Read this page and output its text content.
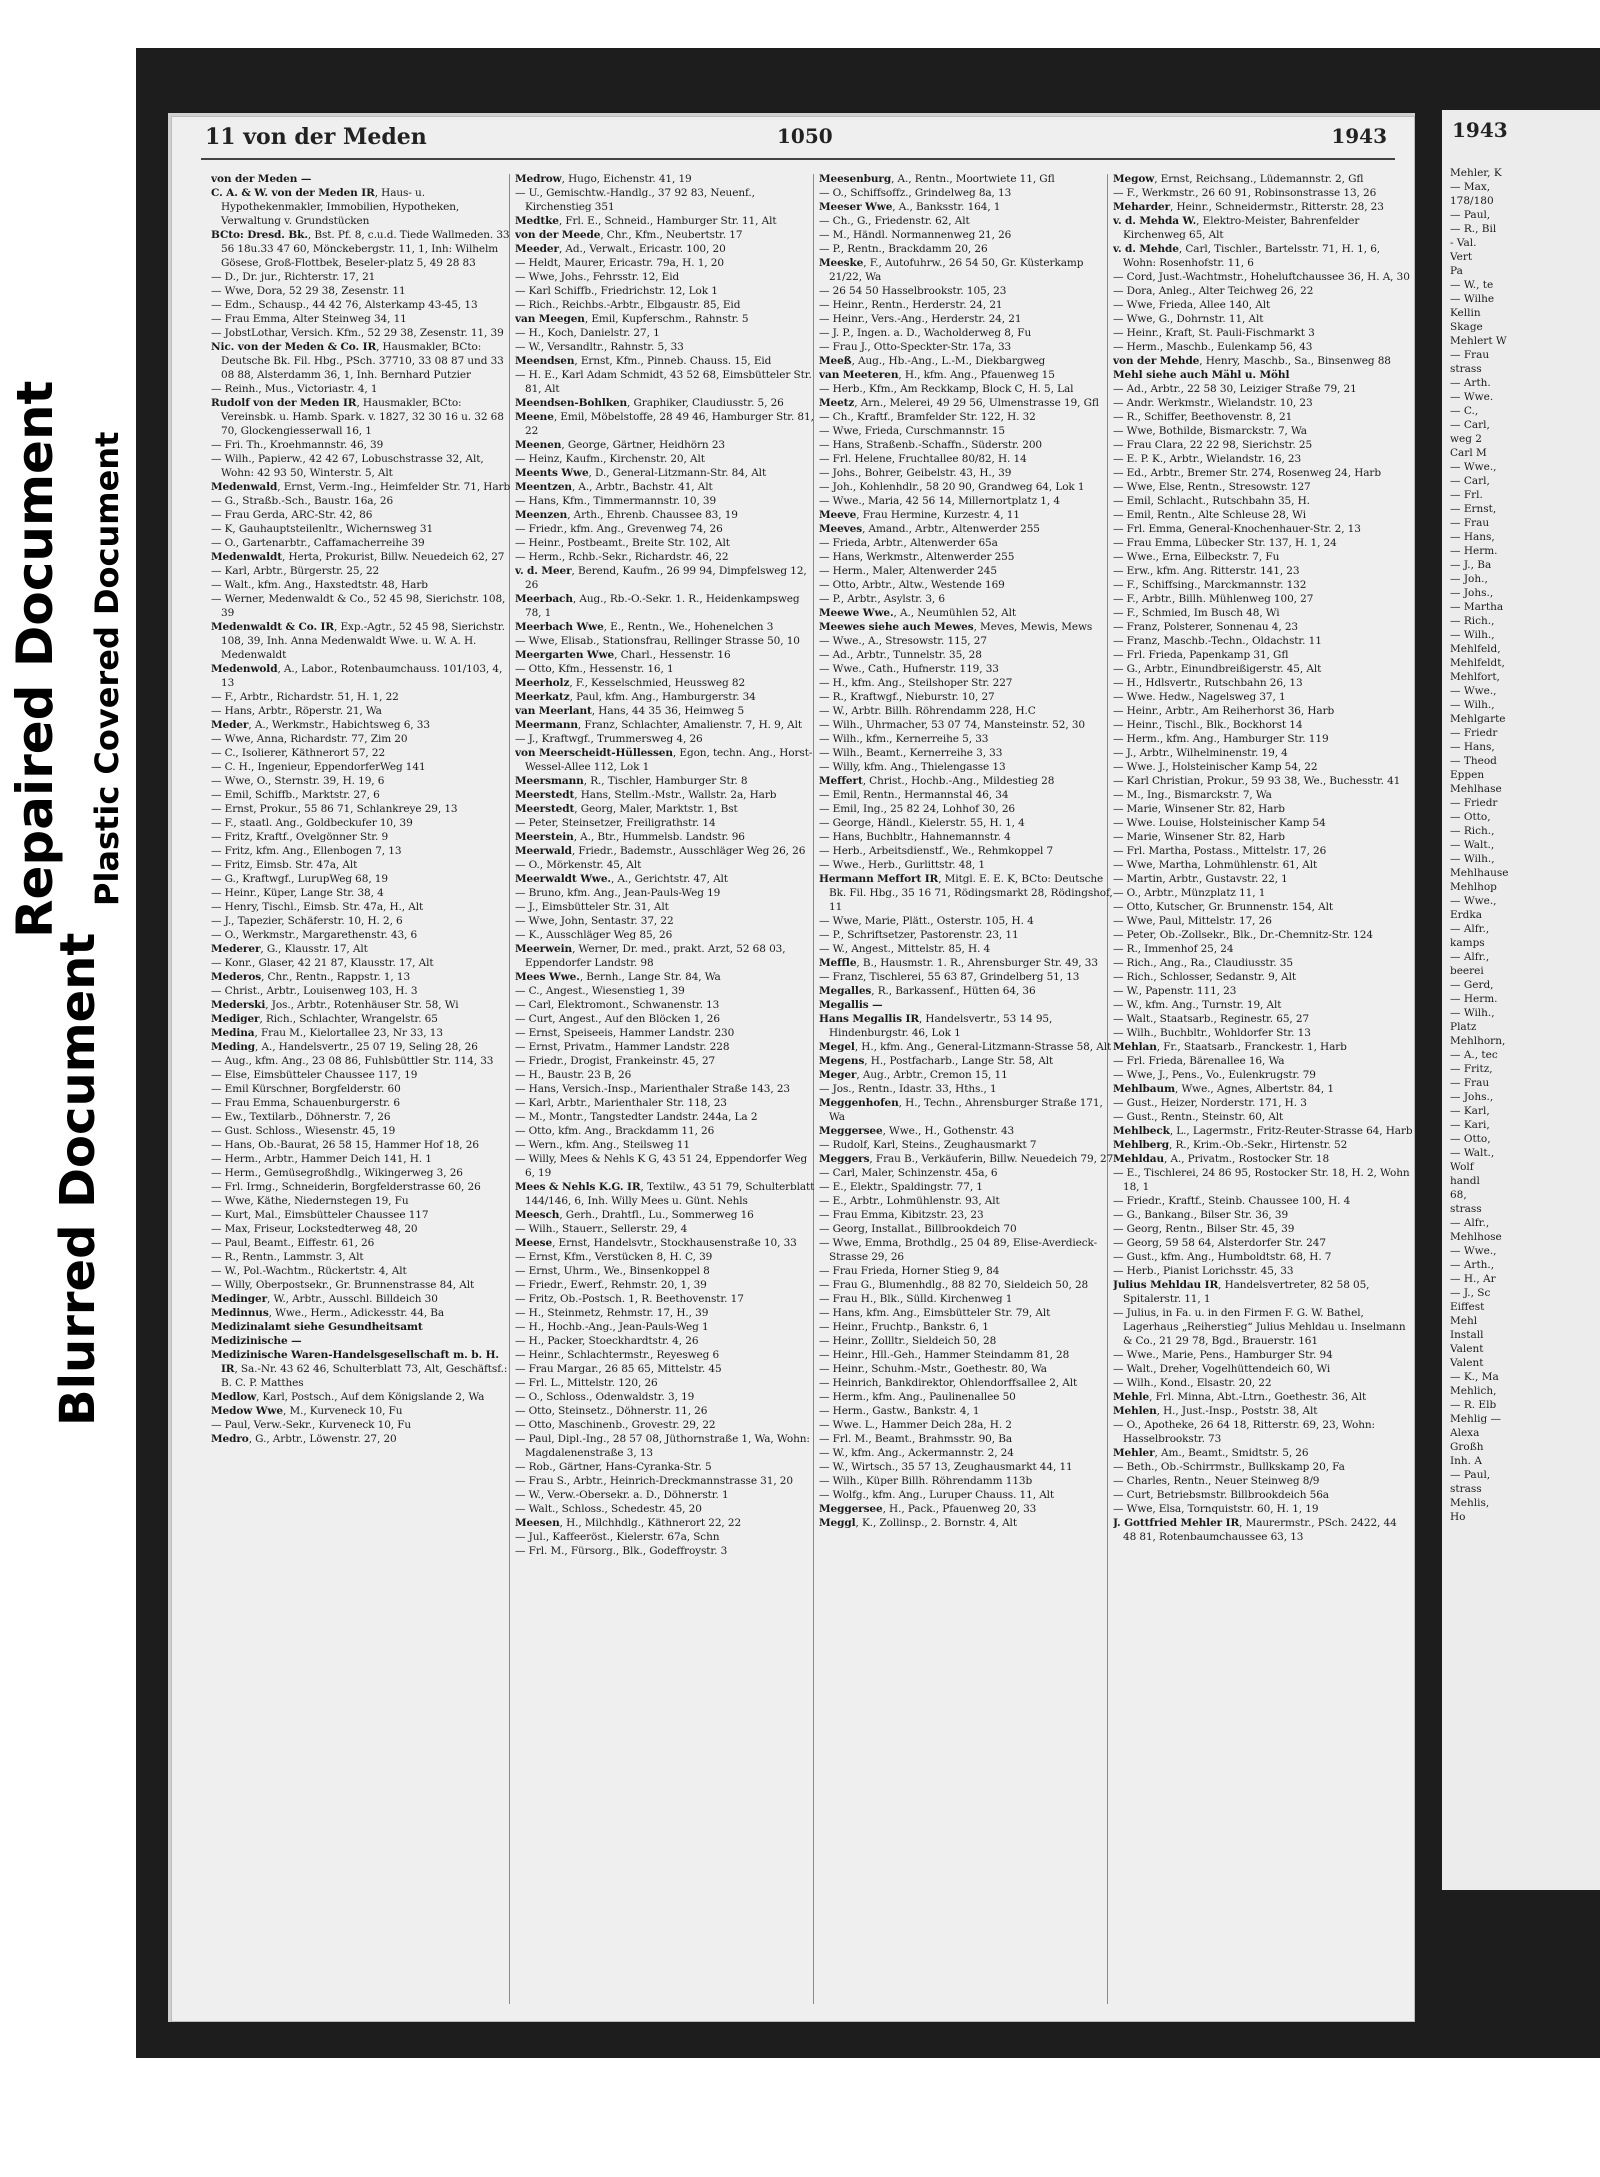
Repaired Document Plastic Covered Document
Blurred Document
11 von der Meden	1050	1943

von der Meden —

C. A. & W. von der Meden IR, Haus- u. Hypothekenmakler, Immobilien, Hypotheken, Verwaltung v. Grundstücken

BCto: Dresd. Bk., Bst. Pf. 8, c.u.d. Tiede Wallmeden. 33 56 18u.33 47 60, Mönckebergstr. 11, 1, Inh: Wilhelm Gösese, Groß-Flottbek, Beseler-platz 5, 49 28 83

— D., Dr. jur., Richterstr. 17, 21

— Wwe, Dora, 52 29 38, Zesenstr. 11

— Edm., Schausp., 44 42 76, Alsterkamp 43-45, 13

— Frau Emma, Alter Steinweg 34, 11

— JobstLothar, Versich. Kfm., 52 29 38, Zesenstr. 11, 39

Nic. von der Meden & Co. IR, Hausmakler, BCto: Deutsche Bk. Fil. Hbg., PSch. 37710, 33 08 87 und 33 08 88, Alsterdamm 36, 1, Inh. Bernhard Putzier

— Reinh., Mus., Victoriastr. 4, 1

Rudolf von der Meden IR, Hausmakler, BCto: Vereinsbk. u. Hamb. Spark. v. 1827, 32 30 16 u. 32 68 70, Glockengiesserwall 16, 1

— Fri. Th., Kroehmannstr. 46, 39

— Wilh., Papierw., 42 42 67, Lobuschstrasse 32, Alt, Wohn: 42 93 50, Winterstr. 5, Alt

Medenwald, Ernst, Verm.-Ing., Heimfelder Str. 71, Harb

— G., Straßb.-Sch., Baustr. 16a, 26

— Frau Gerda, ARC-Str. 42, 86

— K, Gauhauptsteilenltr., Wichernsweg 31

— O., Gartenarbtr., Caffamacherreihe 39

Medenwaldt, Herta, Prokurist, Billw. Neuedeich 62, 27

— Karl, Arbtr., Bürgerstr. 25, 22

— Walt., kfm. Ang., Haxstedtstr. 48, Harb

— Werner, Medenwaldt & Co., 52 45 98, Sierichstr. 108, 39

Medenwaldt & Co. IR, Exp.-Agtr., 52 45 98, Sierichstr. 108, 39, Inh. Anna Medenwaldt Wwe. u. W. A. H. Medenwaldt

Medenwold, A., Labor., Rotenbaumchauss. 101/103, 4, 13

— F., Arbtr., Richardstr. 51, H. 1, 22

— Hans, Arbtr., Röperstr. 21, Wa

Meder, A., Werkmstr., Habichtsweg 6, 33

— Wwe, Anna, Richardstr. 77, Zim 20

— C., Isolierer, Käthnerort 57, 22

— C. H., Ingenieur, EppendorferWeg 141

— Wwe, O., Sternstr. 39, H. 19, 6

— Emil, Schiffb., Marktstr. 27, 6

— Ernst, Prokur., 55 86 71, Schlankreye 29, 13

— F., staatl. Ang., Goldbeckufer 10, 39

— Fritz, Kraftf., Ovelgönner Str. 9

— Fritz, kfm. Ang., Ellenbogen 7, 13

— Fritz, Eimsb. Str. 47a, Alt

— G., Kraftwgf., LurupWeg 68, 19

— Heinr., Küper, Lange Str. 38, 4

— Henry, Tischl., Eimsb. Str. 47a, H., Alt

— J., Tapezier, Schäferstr. 10, H. 2, 6

— O., Werkmstr., Margarethenstr. 43, 6

Mederer, G., Klausstr. 17, Alt

— Konr., Glaser, 42 21 87, Klausstr. 17, Alt

Mederos, Chr., Rentn., Rappstr. 1, 13

— Christ., Arbtr., Louisenweg 103, H. 3

Mederski, Jos., Arbtr., Rotenhäuser Str. 58, Wi

Mediger, Rich., Schlachter, Wrangelstr. 65

Medina, Frau M., Kielortallee 23, Nr 33, 13

Meding, A., Handelsvertr., 25 07 19, Seling 28, 26

— Aug., kfm. Ang., 23 08 86, Fuhlsbüttler Str. 114, 33

— Else, Eimsbütteler Chaussee 117, 19

— Emil Kürschner, Borgfelderstr. 60

— Frau Emma, Schauenburgerstr. 6

— Ew., Textilarb., Döhnerstr. 7, 26

— Gust. Schloss., Wiesenstr. 45, 19

— Hans, Ob.-Baurat, 26 58 15, Hammer Hof 18, 26

— Herm., Arbtr., Hammer Deich 141, H. 1

— Herm., Gemüsegroßhdlg., Wikingerweg 3, 26

— Frl. Irmg., Schneiderin, Borgfelderstrasse 60, 26

— Wwe, Käthe, Niedernstegen 19, Fu

— Kurt, Mal., Eimsbütteler Chaussee 117

— Max, Friseur, Lockstedterweg 48, 20

— Paul, Beamt., Eiffestr. 61, 26

— R., Rentn., Lammstr. 3, Alt

— W., Pol.-Wachtm., Rückertstr. 4, Alt

— Willy, Oberpostsekr., Gr. Brunnenstrasse 84, Alt

Medinger, W., Arbtr., Ausschl. Billdeich 30

Medinnus, Wwe., Herm., Adickesstr. 44, Ba

Medizinalamt siehe Gesundheitsamt

Medizinische —

Medizinische Waren-Handelsgesellschaft m. b. H. IR, Sa.-Nr. 43 62 46, Schulterblatt 73, Alt, Geschäftsf.: B. C. P. Matthes

Medlow, Karl, Postsch., Auf dem Königslande 2, Wa

Medow Wwe, M., Kurveneck 10, Fu

— Paul, Verw.-Sekr., Kurveneck 10, Fu

Medro, G., Arbtr., Löwenstr. 27, 20

Medrow, Hugo, Eichenstr. 41, 19

— U., Gemischtw.-Handlg., 37 92 83, Neuenf., Kirchenstieg 351

Medtke, Frl. E., Schneid., Hamburger Str. 11, Alt

von der Meede, Chr., Kfm., Neubertstr. 17

Meeder, Ad., Verwalt., Ericastr. 100, 20

— Heldt, Maurer, Ericastr. 79a, H. 1, 20

— Wwe, Johs., Fehrsstr. 12, Eid

— Karl Schiffb., Friedrichstr. 12, Lok 1

— Rich., Reichbs.-Arbtr., Elbgaustr. 85, Eid

van Meegen, Emil, Kupferschm., Rahnstr. 5

— H., Koch, Danielstr. 27, 1

— W., Versandltr., Rahnstr. 5, 33

Meendsen, Ernst, Kfm., Pinneb. Chauss. 15, Eid

— H. E., Karl Adam Schmidt, 43 52 68, Eimsbütteler Str. 81, Alt

Meendsen-Bohlken, Graphiker, Claudiusstr. 5, 26

Meene, Emil, Möbelstoffe, 28 49 46, Hamburger Str. 81, 22

Meenen, George, Gärtner, Heidhörn 23

— Heinz, Kaufm., Kirchenstr. 20, Alt

Meents Wwe, D., General-Litzmann-Str. 84, Alt

Meentzen, A., Arbtr., Bachstr. 41, Alt

— Hans, Kfm., Timmermannstr. 10, 39

Meenzen, Arth., Ehrenb. Chaussee 83, 19

— Friedr., kfm. Ang., Grevenweg 74, 26

— Heinr., Postbeamt., Breite Str. 102, Alt

— Herm., Rchb.-Sekr., Richardstr. 46, 22

v. d. Meer, Berend, Kaufm., 26 99 94, Dimpfelsweg 12, 26

Meerbach, Aug., Rb.-O.-Sekr. 1. R., Heidenkampsweg 78, 1

Meerbach Wwe, E., Rentn., We., Hohenelchen 3

— Wwe, Elisab., Stationsfrau, Rellinger Strasse 50, 10

Meergarten Wwe, Charl., Hessenstr. 16

— Otto, Kfm., Hessenstr. 16, 1

Meerholz, F., Kesselschmied, Heussweg 82

Meerkatz, Paul, kfm. Ang., Hamburgerstr. 34

van Meerlant, Hans, 44 35 36, Heimweg 5

Meermann, Franz, Schlachter, Amalienstr. 7, H. 9, Alt

— J., Kraftwgf., Trummersweg 4, 26

von Meerscheidt-Hüllessen, Egon, techn. Ang., Horst-Wessel-Allee 112, Lok 1

Meersmann, R., Tischler, Hamburger Str. 8

Meerstedt, Hans, Stellm.-Mstr., Wallstr. 2a, Harb

Meerstedt, Georg, Maler, Marktstr. 1, Bst

— Peter, Steinsetzer, Freiligrathstr. 14

Meerstein, A., Btr., Hummelsb. Landstr. 96

Meerwald, Friedr., Bademstr., Ausschläger Weg 26, 26

— O., Mörkenstr. 45, Alt

Meerwaldt Wwe., A., Gerichtstr. 47, Alt

— Bruno, kfm. Ang., Jean-Pauls-Weg 19

— J., Eimsbütteler Str. 31, Alt

— Wwe, John, Sentastr. 37, 22

— K., Ausschläger Weg 85, 26

Meerwein, Werner, Dr. med., prakt. Arzt, 52 68 03, Eppendorfer Landstr. 98

Mees Wwe., Bernh., Lange Str. 84, Wa

— C., Angest., Wiesenstieg 1, 39

— Carl, Elektromont., Schwanenstr. 13

— Curt, Angest., Auf den Blöcken 1, 26

— Ernst, Speiseeis, Hammer Landstr. 230

— Ernst, Privatm., Hammer Landstr. 228

— Friedr., Drogist, Frankeinstr. 45, 27

— H., Baustr. 23 B, 26

— Hans, Versich.-Insp., Marienthaler Straße 143, 23

— Karl, Arbtr., Marienthaler Str. 118, 23

— M., Montr., Tangstedter Landstr. 244a, La 2

— Otto, kfm. Ang., Brackdamm 11, 26

— Wern., kfm. Ang., Steilsweg 11

— Willy, Mees & Nehls K G, 43 51 24, Eppendorfer Weg 6, 19

Mees & Nehls K.G. IR, Textilw., 43 51 79, Schulterblatt 144/146, 6, Inh. Willy Mees u. Günt. Nehls

Meesch, Gerh., Drahtfl., Lu., Sommerweg 16

— Wilh., Stauerr., Sellerstr. 29, 4

Meese, Ernst, Handelsvtr., Stockhausenstraße 10, 33

— Ernst, Kfm., Verstücken 8, H. C, 39

— Ernst, Uhrm., We., Binsenkoppel 8

— Friedr., Ewerf., Rehmstr. 20, 1, 39

— Fritz, Ob.-Postsch. 1, R. Beethovenstr. 17

— H., Steinmetz, Rehmstr. 17, H., 39

— H., Hochb.-Ang., Jean-Pauls-Weg 1

— H., Packer, Stoeckhardtstr. 4, 26

— Heinr., Schlachtermstr., Reyesweg 6

— Frau Margar., 26 85 65, Mittelstr. 45

— Frl. L., Mittelstr. 120, 26

— O., Schloss., Odenwaldstr. 3, 19

— Otto, Steinsetz., Döhnerstr. 11, 26

— Otto, Maschinenb., Grovestr. 29, 22

— Paul, Dipl.-Ing., 28 57 08, Jüthornstraße 1, Wa, Wohn: Magdalenenstraße 3, 13

— Rob., Gärtner, Hans-Cyranka-Str. 5

— Frau S., Arbtr., Heinrich-Dreckmannstrasse 31, 20

— W., Verw.-Obersekr. a. D., Döhnerstr. 1

— Walt., Schloss., Schedestr. 45, 20

Meesen, H., Milchhdlg., Käthnerort 22, 22

— Jul., Kaffeeröst., Kielerstr. 67a, Schn

— Frl. M., Fürsorg., Blk., Godeffroystr. 3

Meesenburg, A., Rentn., Moortwiete 11, Gfl

— O., Schiffsoffz., Grindelweg 8a, 13

Meeser Wwe, A., Banksstr. 164, 1

— Ch., G., Friedenstr. 62, Alt

— M., Händl. Normannenweg 21, 26

— P., Rentn., Brackdamm 20, 26

Meeske, F., Autofuhrw., 26 54 50, Gr. Küsterkamp 21/22, Wa

— 26 54 50 Hasselbrookstr. 105, 23

— Heinr., Rentn., Herderstr. 24, 21

— Heinr., Vers.-Ang., Herderstr. 24, 21

— J. P., Ingen. a. D., Wacholderweg 8, Fu

— Frau J., Otto-Speckter-Str. 17a, 33

Meeß, Aug., Hb.-Ang., L.-M., Diekbargweg

van Meeteren, H., kfm. Ang., Pfauenweg 15

— Herb., Kfm., Am Reckkamp, Block C, H. 5, Lal

Meetz, Arn., Melerei, 49 29 56, Ulmenstrasse 19, Gfl

— Ch., Kraftf., Bramfelder Str. 122, H. 32

— Wwe, Frieda, Curschmannstr. 15

— Hans, Straßenb.-Schaffn., Süderstr. 200

— Frl. Helene, Fruchtallee 80/82, H. 14

— Johs., Bohrer, Geibelstr. 43, H., 39

— Joh., Kohlenhdlr., 58 20 90, Grandweg 64, Lok 1

— Wwe., Maria, 42 56 14, Millernortplatz 1, 4

Meeve, Frau Hermine, Kurzestr. 4, 11

Meeves, Amand., Arbtr., Altenwerder 255

— Frieda, Arbtr., Altenwerder 65a

— Hans, Werkmstr., Altenwerder 255

— Herm., Maler, Altenwerder 245

— Otto, Arbtr., Altw., Westende 169

— P., Arbtr., Asylstr. 3, 6

Meewe Wwe., A., Neumühlen 52, Alt

Meewes siehe auch Mewes, Meves, Mewis, Mews

— Wwe., A., Stresowstr. 115, 27

— Ad., Arbtr., Tunnelstr. 35, 28

— Wwe., Cath., Hufnerstr. 119, 33

— H., kfm. Ang., Steilshoper Str. 227

— R., Kraftwgf., Nieburstr. 10, 27

— W., Arbtr. Billh. Röhrendamm 228, H.C

— Wilh., Uhrmacher, 53 07 74, Mansteinstr. 52, 30

— Wilh., kfm., Kernerreihe 5, 33

— Wilh., Beamt., Kernerreihe 3, 33

— Willy, kfm. Ang., Thielengasse 13

Meffert, Christ., Hochb.-Ang., Mildestieg 28

— Emil, Rentn., Hermannstal 46, 34

— Emil, Ing., 25 82 24, Lohhof 30, 26

— George, Händl., Kielerstr. 55, H. 1, 4

— Hans, Buchbltr., Hahnemannstr. 4

— Herb., Arbeitsdienstf., We., Rehmkoppel 7

— Wwe., Herb., Gurlittstr. 48, 1

Hermann Meffort IR, Mitgl. E. E. K, BCto: Deutsche Bk. Fil. Hbg., 35 16 71, Rödingsmarkt 28, Rödingshof, 11

— Wwe, Marie, Plätt., Osterstr. 105, H. 4

— P., Schriftsetzer, Pastorenstr. 23, 11

— W., Angest., Mittelstr. 85, H. 4

Meffle, B., Hausmstr. 1. R., Ahrensburger Str. 49, 33

— Franz, Tischlerei, 55 63 87, Grindelberg 51, 13

Megalles, R., Barkassenf., Hütten 64, 36

Megallis —

Hans Megallis IR, Handelsvertr., 53 14 95, Hindenburgstr. 46, Lok 1

Megel, H., kfm. Ang., General-Litzmann-Strasse 58, Alt

Megens, H., Postfacharb., Lange Str. 58, Alt

Meger, Aug., Arbtr., Cremon 15, 11

— Jos., Rentn., Idastr. 33, Hths., 1

Meggenhofen, H., Techn., Ahrensburger Straße 171, Wa

Meggersee, Wwe., H., Gothenstr. 43

— Rudolf, Karl, Steins., Zeughausmarkt 7

Meggers, Frau B., Verkäuferin, Billw. Neuedeich 79, 27

— Carl, Maler, Schinzenstr. 45a, 6

— E., Elektr., Spaldingstr. 77, 1

— E., Arbtr., Lohmühlenstr. 93, Alt

— Frau Emma, Kibitzstr. 23, 23

— Georg, Installat., Billbrookdeich 70

— Wwe, Emma, Brothdlg., 25 04 89, Elise-Averdieck-Strasse 29, 26

— Frau Frieda, Horner Stieg 9, 84

— Frau G., Blumenhdlg., 88 82 70, Sieldeich 50, 28

— Frau H., Blk., Sülld. Kirchenweg 1

— Hans, kfm. Ang., Eimsbütteler Str. 79, Alt

— Heinr., Fruchtp., Bankstr. 6, 1

— Heinr., Zollltr., Sieldeich 50, 28

— Heinr., Hll.-Geh., Hammer Steindamm 81, 28

— Heinr., Schuhm.-Mstr., Goethestr. 80, Wa

— Heinrich, Bankdirektor, Ohlendorffsallee 2, Alt

— Herm., kfm. Ang., Paulinenallee 50

— Herm., Gastw., Bankstr. 4, 1

— Wwe. L., Hammer Deich 28a, H. 2

— Frl. M., Beamt., Brahmsstr. 90, Ba

— W., kfm. Ang., Ackermannstr. 2, 24

— W., Wirtsch., 35 57 13, Zeughausmarkt 44, 11

— Wilh., Küper Billh. Röhrendamm 113b

— Wolfg., kfm. Ang., Luruper Chauss. 11, Alt

Meggersee, H., Pack., Pfauenweg 20, 33

Meggl, K., Zollinsp., 2. Bornstr. 4, Alt

Megow, Ernst, Reichsang., Lüdemannstr. 2, Gfl

— F., Werkmstr., 26 60 91, Robinsonstrasse 13, 26

Meharder, Heinr., Schneidermstr., Ritterstr. 28, 23

v. d. Mehda W., Elektro-Meister, Bahrenfelder Kirchenweg 65, Alt

v. d. Mehde, Carl, Tischler., Bartelsstr. 71, H. 1, 6, Wohn: Rosenhofstr. 11, 6

— Cord, Just.-Wachtmstr., Hoheluftchaussee 36, H. A, 30

— Dora, Anleg., Alter Teichweg 26, 22

— Wwe, Frieda, Allee 140, Alt

— Wwe, G., Dohrnstr. 11, Alt

— Heinr., Kraft, St. Pauli-Fischmarkt 3

— Herm., Maschb., Eulenkamp 56, 43

von der Mehde, Henry, Maschb., Sa., Binsenweg 88

Mehl siehe auch Mähl u. Möhl

— Ad., Arbtr., 22 58 30, Leiziger Straße 79, 21

— Andr. Werkmstr., Wielandstr. 10, 23

— R., Schiffer, Beethovenstr. 8, 21

— Wwe, Bothilde, Bismarckstr. 7, Wa

— Frau Clara, 22 22 98, Sierichstr. 25

— E. P. K., Arbtr., Wielandstr. 16, 23

— Ed., Arbtr., Bremer Str. 274, Rosenweg 24, Harb

— Wwe, Else, Rentn., Stresowstr. 127

— Emil, Schlacht., Rutschbahn 35, H.

— Emil, Rentn., Alte Schleuse 28, Wi

— Frl. Emma, General-Knochenhauer-Str. 2, 13

— Frau Emma, Lübecker Str. 137, H. 1, 24

— Wwe., Erna, Eilbeckstr. 7, Fu

— Erw., kfm. Ang. Ritterstr. 141, 23

— F., Schiffsing., Marckmannstr. 132

— F., Arbtr., Billh. Mühlenweg 100, 27

— F., Schmied, Im Busch 48, Wi

— Franz, Polsterer, Sonnenau 4, 23

— Franz, Maschb.-Techn., Oldachstr. 11

— Frl. Frieda, Papenkamp 31, Gfl

— G., Arbtr., Einundbreißigerstr. 45, Alt

— H., Hdlsvertr., Rutschbahn 26, 13

— Wwe. Hedw., Nagelsweg 37, 1

— Heinr., Arbtr., Am Reiherhorst 36, Harb

— Heinr., Tischl., Blk., Bockhorst 14

— Herm., kfm. Ang., Hamburger Str. 119

— J., Arbtr., Wilhelminenstr. 19, 4

— Wwe. J., Holsteinischer Kamp 54, 22

— Karl Christian, Prokur., 59 93 38, We., Buchesstr. 41

— M., Ing., Bismarckstr. 7, Wa

— Marie, Winsener Str. 82, Harb

— Wwe. Louise, Holsteinischer Kamp 54

— Marie, Winsener Str. 82, Harb

— Frl. Martha, Postass., Mittelstr. 17, 26

— Wwe, Martha, Lohmühlenstr. 61, Alt

— Martin, Arbtr., Gustavstr. 22, 1

— O., Arbtr., Münzplatz 11, 1

— Otto, Kutscher, Gr. Brunnenstr. 154, Alt

— Wwe, Paul, Mittelstr. 17, 26

— Peter, Ob.-Zollsekr., Blk., Dr.-Chemnitz-Str. 124

— R., Immenhof 25, 24

— Rich., Ang., Ra., Claudiusstr. 35

— Rich., Schlosser, Sedanstr. 9, Alt

— W., Papenstr. 111, 23

— W., kfm. Ang., Turnstr. 19, Alt

— Walt., Staatsarb., Reginestr. 65, 27

— Wilh., Buchbltr., Wohldorfer Str. 13

Mehlan, Fr., Staatsarb., Franckestr. 1, Harb

— Frl. Frieda, Bärenallee 16, Wa

— Wwe, J., Pens., Vo., Eulenkrugstr. 79

Mehlbaum, Wwe., Agnes, Albertstr. 84, 1

— Gust., Heizer, Norderstr. 171, H. 3

— Gust., Rentn., Steinstr. 60, Alt

Mehlbeck, L., Lagermstr., Fritz-Reuter-Strasse 64, Harb

Mehlberg, R., Krim.-Ob.-Sekr., Hirtenstr. 52

Mehldau, A., Privatm., Rostocker Str. 18

— E., Tischlerei, 24 86 95, Rostocker Str. 18, H. 2, Wohn 18, 1

— Friedr., Kraftf., Steinb. Chaussee 100, H. 4

— G., Bankang., Bilser Str. 36, 39

— Georg, Rentn., Bilser Str. 45, 39

— Georg, 59 58 64, Alsterdorfer Str. 247

— Gust., kfm. Ang., Humboldtstr. 68, H. 7

— Herb., Pianist Lorichsstr. 45, 33

Julius Mehldau IR, Handelsvertreter, 82 58 05, Spitalerstr. 11, 1

— Julius, in Fa. u. in den Firmen F. G. W. Bathel, Lagerhaus „Reiherstieg“ Julius Mehldau u. Inselmann & Co., 21 29 78, Bgd., Brauerstr. 161

— Wwe., Marie, Pens., Hamburger Str. 94

— Walt., Dreher, Vogelhüttendeich 60, Wi

— Wilh., Kond., Elsastr. 20, 22

Mehle, Frl. Minna, Abt.-Ltrn., Goethestr. 36, Alt

Mehlen, H., Just.-Insp., Poststr. 38, Alt

— O., Apotheke, 26 64 18, Ritterstr. 69, 23, Wohn: Hasselbrookstr. 73

Mehler, Am., Beamt., Smidtstr. 5, 26

— Beth., Ob.-Schirrmstr., Bullkskamp 20, Fa

— Charles, Rentn., Neuer Steinweg 8/9

— Curt, Betriebsmstr. Billbrookdeich 56a

— Wwe, Elsa, Tornquiststr. 60, H. 1, 19

J. Gottfried Mehler IR, Maurermstr., PSch. 2422, 44 48 81, Rotenbaumchaussee 63, 13

1943

Mehler, K

— Max,

178/180

— Paul,

— R., Bil

- Val.

Vert

Pa

— W., te

— Wilhe

Kellin

Skage

Mehlert W

— Frau

strass

— Arth.

— Wwe.

— C.,

— Carl,

weg 2

Carl M

— Wwe.,

— Carl,

— Frl.

— Ernst,

— Frau

— Hans,

— Herm.

— J., Ba

— Joh.,

— Johs.,

— Martha

— Rich.,

— Wilh.,

Mehlfeld,

Mehlfeldt,

Mehlfort,

— Wwe.,

— Wilh.,

Mehlgarte

— Friedr

— Hans,

— Theod

Eppen

Mehlhase

— Friedr

— Otto,

— Rich.,

— Walt.,

— Wilh.,

Mehlhause

Mehlhop

— Wwe.,

Erdka

— Alfr.,

kamps

— Alfr.,

beerei

— Gerd,

— Herm.

— Wilh.,

Platz

Mehlhorn,

— A., tec

— Fritz,

— Frau

— Johs.,

— Karl,

— Kari,

— Otto,

— Walt.,

Wolf

handl

68,

strass

— Alfr.,

Mehlhose

— Wwe.,

— Arth.,

— H., Ar

— J., Sc

Eiffest

Mehl

Install

Valent

Valent

— K., Ma

Mehlich,

— R. Elb

Mehlig —

Alexa

Großh

Inh. A

— Paul,

strass

Mehlis,

Ho
